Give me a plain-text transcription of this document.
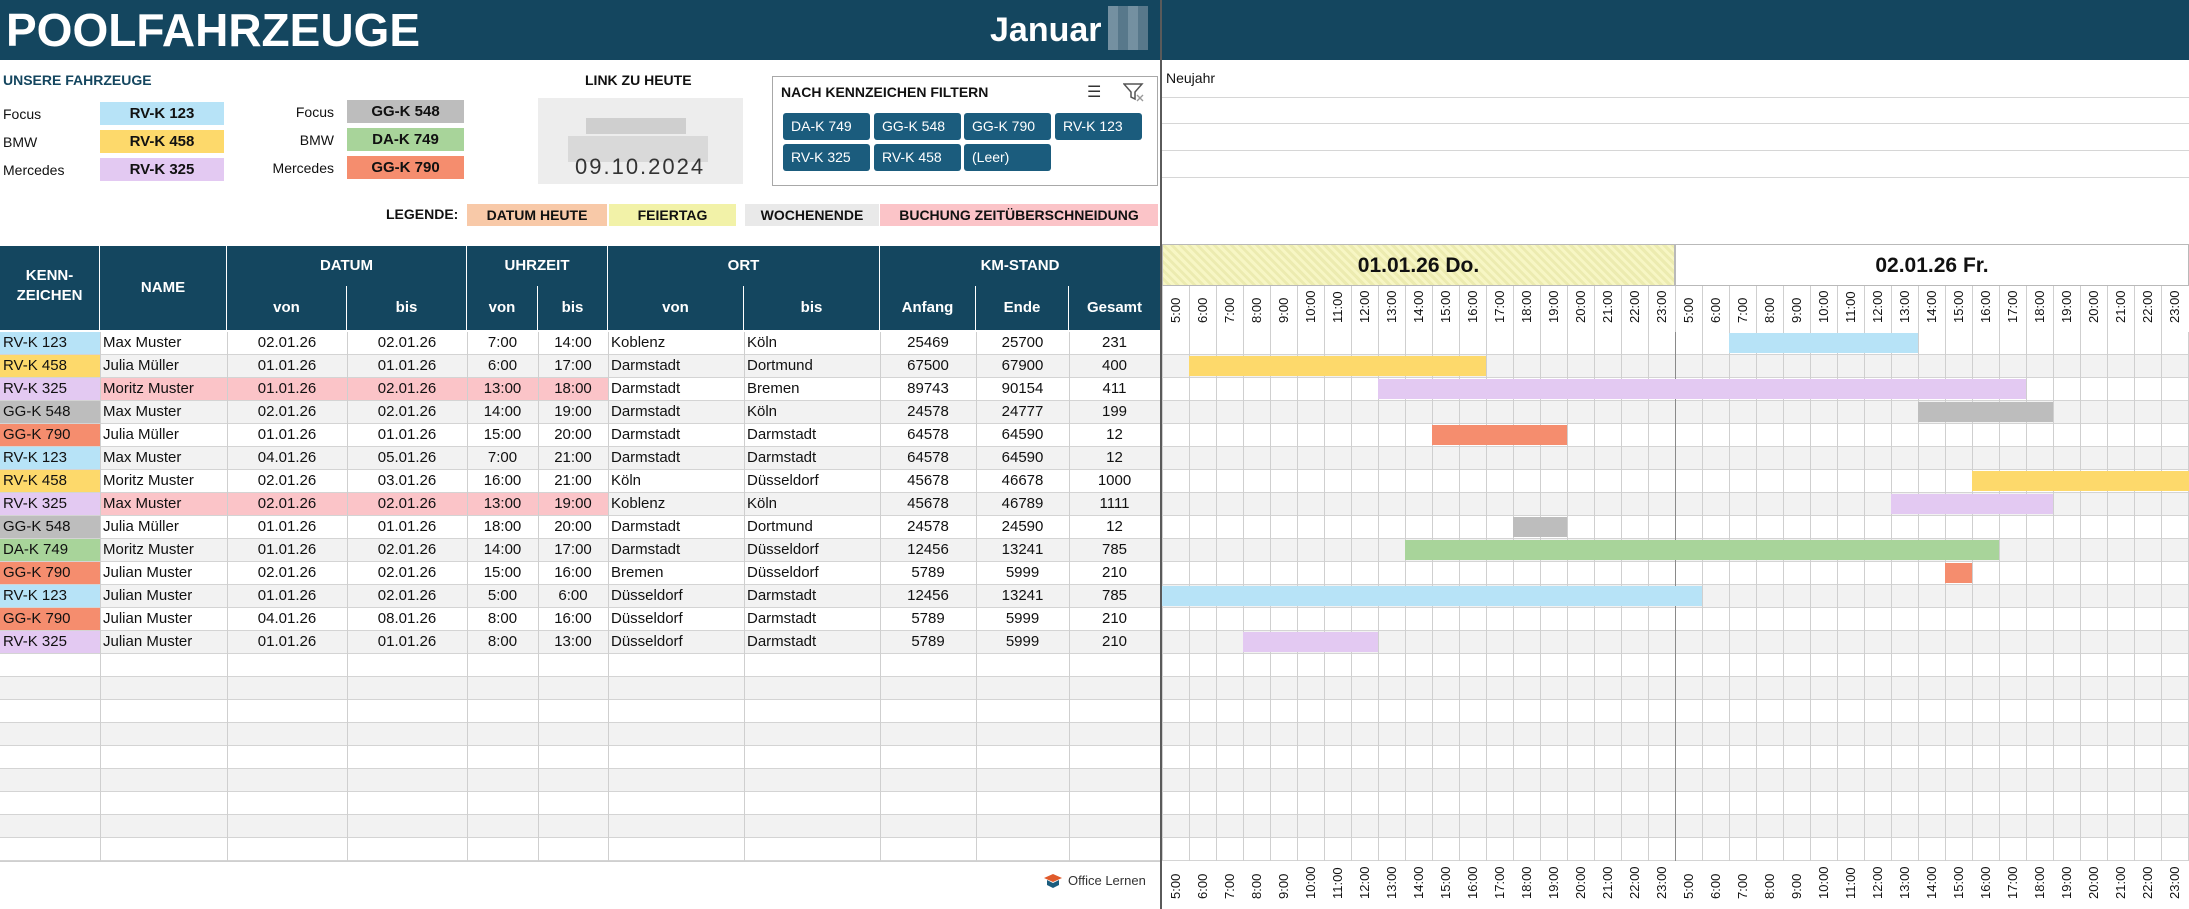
POOLFAHRZEUGE	Januar
UNSERE FAHRZEUGE
Focus	RV-K 123
BMW	RV-K 458
Mercedes	RV-K 325
Focus	GG-K 548
BMW	DA-K 749
Mercedes	GG-K 790
LINK ZU HEUTE
09.10.2024
NACH KENNZEICHEN FILTERN	☰
DA-K 749	GG-K 548	GG-K 790	RV-K 123
RV-K 325	RV-K 458	(Leer)
LEGENDE:	DATUM HEUTE	FEIERTAG	WOCHENENDE	BUCHUNG ZEITÜBERSCHNEIDUNG
Neujahr
KENN-
ZEICHEN	NAME
DATUM
von	bis
UHRZEIT
von	bis
ORT
von	bis
KM-STAND
Anfang	Ende	Gesamt
RV-K 123	Max Muster	02.01.26	02.01.26	7:00	14:00	Koblenz	Köln	25469	25700	231
RV-K 458	Julia Müller	01.01.26	01.01.26	6:00	17:00	Darmstadt	Dortmund	67500	67900	400
RV-K 325	Moritz Muster	01.01.26	02.01.26	13:00	18:00	Darmstadt	Bremen	89743	90154	411
GG-K 548	Max Muster	02.01.26	02.01.26	14:00	19:00	Darmstadt	Köln	24578	24777	199
GG-K 790	Julia Müller	01.01.26	01.01.26	15:00	20:00	Darmstadt	Darmstadt	64578	64590	12
RV-K 123	Max Muster	04.01.26	05.01.26	7:00	21:00	Darmstadt	Darmstadt	64578	64590	12
RV-K 458	Moritz Muster	02.01.26	03.01.26	16:00	21:00	Köln	Düsseldorf	45678	46678	1000
RV-K 325	Max Muster	02.01.26	02.01.26	13:00	19:00	Koblenz	Köln	45678	46789	1111
GG-K 548	Julia Müller	01.01.26	01.01.26	18:00	20:00	Darmstadt	Dortmund	24578	24590	12
DA-K 749	Moritz Muster	01.01.26	02.01.26	14:00	17:00	Darmstadt	Düsseldorf	12456	13241	785
GG-K 790	Julian Muster	02.01.26	02.01.26	15:00	16:00	Bremen	Düsseldorf	5789	5999	210
RV-K 123	Julian Muster	01.01.26	02.01.26	5:00	6:00	Düsseldorf	Darmstadt	12456	13241	785
GG-K 790	Julian Muster	04.01.26	08.01.26	8:00	16:00	Düsseldorf	Darmstadt	5789	5999	210
RV-K 325	Julian Muster	01.01.26	01.01.26	8:00	13:00	Düsseldorf	Darmstadt	5789	5999	210
01.01.26 Do.	02.01.26 Fr.
5:00
5:00
6:00
6:00
7:00
7:00
8:00
8:00
9:00
9:00
10:00
10:00
11:00
11:00
12:00
12:00
13:00
13:00
14:00
14:00
15:00
15:00
16:00
16:00
17:00
17:00
18:00
18:00
19:00
19:00
20:00
20:00
21:00
21:00
22:00
22:00
23:00
23:00
5:00
5:00
6:00
6:00
7:00
7:00
8:00
8:00
9:00
9:00
10:00
10:00
11:00
11:00
12:00
12:00
13:00
13:00
14:00
14:00
15:00
15:00
16:00
16:00
17:00
17:00
18:00
18:00
19:00
19:00
20:00
20:00
21:00
21:00
22:00
22:00
23:00
23:00
Office Lernen
